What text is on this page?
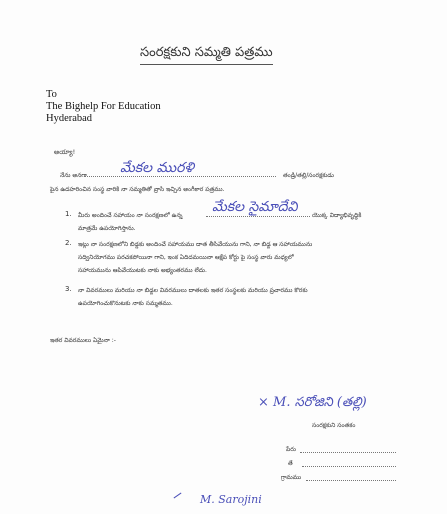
సంరక్షకుని సమ్మతి పత్రము
To
The Bighelp For Education
Hyderabad
అయ్యా!
నేను అనగా మేకల మురళి	తండ్రి/తల్లి/సంరక్షకుడు
పైన ఉదహరించిన సంస్థ వారికి నా సమ్మతితో వ్రాసి ఇచ్చిన అంగీకార పత్రము.
1. మీరు అందించే సహాయం నా సంరక్షణలో ఉన్న
మేకల సైమాదేవి
యొక్క విద్యాభివృద్ధికి
మాత్రమే ఉపయోగిస్తాను.
2. ఇట్లు నా సంరక్షణలోని బిడ్డకు అందించే సహాయము దాత తీసివేయును గాని, నా బిడ్డ ఆ సహాయమును
సద్వినియోగము పరచకపోయినా గాని, ఇంక ఏదిదమయినా ఆక్షేప కోర్టు పై సంస్థ వారు మధ్యలో
సహాయమును ఆపివేయుటకు నాకు అభ్యంతరము లేదు.
3. నా వివరములు మరియు నా బిడ్డల వివరములు దాతలకు ఇతర సంస్థలకు మరియు ప్రచారము కొరకు
ఉపయోగించుకొనుటకు నాకు సమ్మతము.
ఇతర వివరములు ఏమైనా :-
× M. సరోజిని (తల్లి)
సంరక్షకుని సంతకం
పేరు
తే
గ్రామము
M. Sarojini
